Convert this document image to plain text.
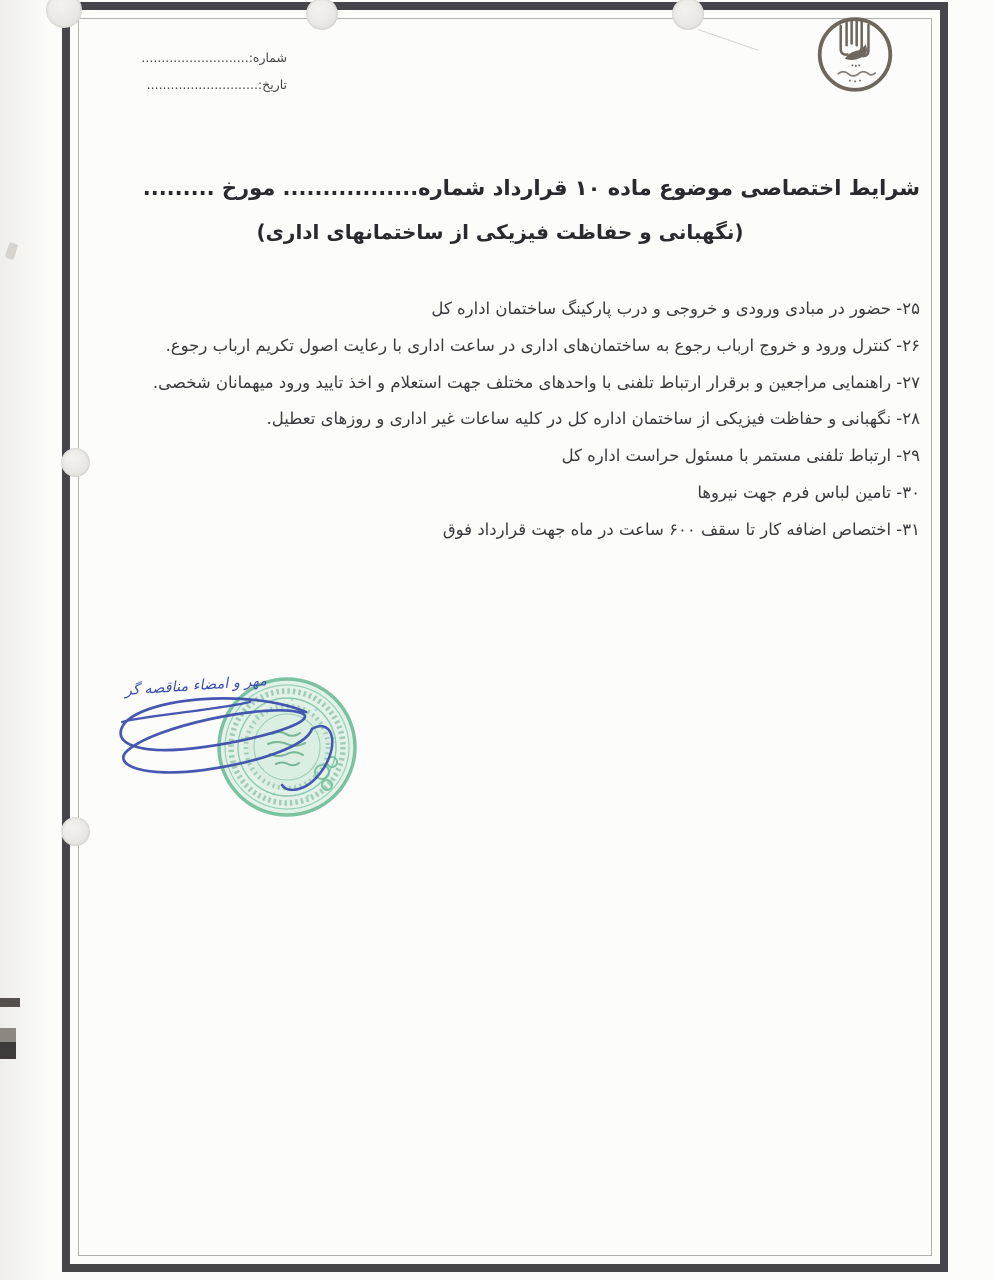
شماره:...........................
تاریخ:............................
شرایط اختصاصی موضوع ماده ۱۰ قرارداد شماره................. مورخ .........
(نگهبانی و حفاظت فیزیکی از ساختمانهای اداری)
۲۵- حضور در مبادی ورودی و خروجی و درب پارکینگ ساختمان اداره کل
۲۶- کنترل ورود و خروج ارباب رجوع به ساختمان‌های اداری در ساعت اداری با رعایت اصول تکریم ارباب رجوع.
۲۷- راهنمایی مراجعین و برقرار ارتباط تلفنی با واحدهای مختلف جهت استعلام و اخذ تایید ورود میهمانان شخصی.
۲۸- نگهبانی و حفاظت فیزیکی از ساختمان اداره کل در کلیه ساعات غیر اداری و روزهای تعطیل.
۲۹- ارتباط تلفنی مستمر با مسئول حراست اداره کل
۳۰- تامین لباس فرم جهت نیروها
۳۱- اختصاص اضافه کار تا سقف ۶۰۰ ساعت در ماه جهت قرارداد فوق
مهر و امضاء مناقصه گر
